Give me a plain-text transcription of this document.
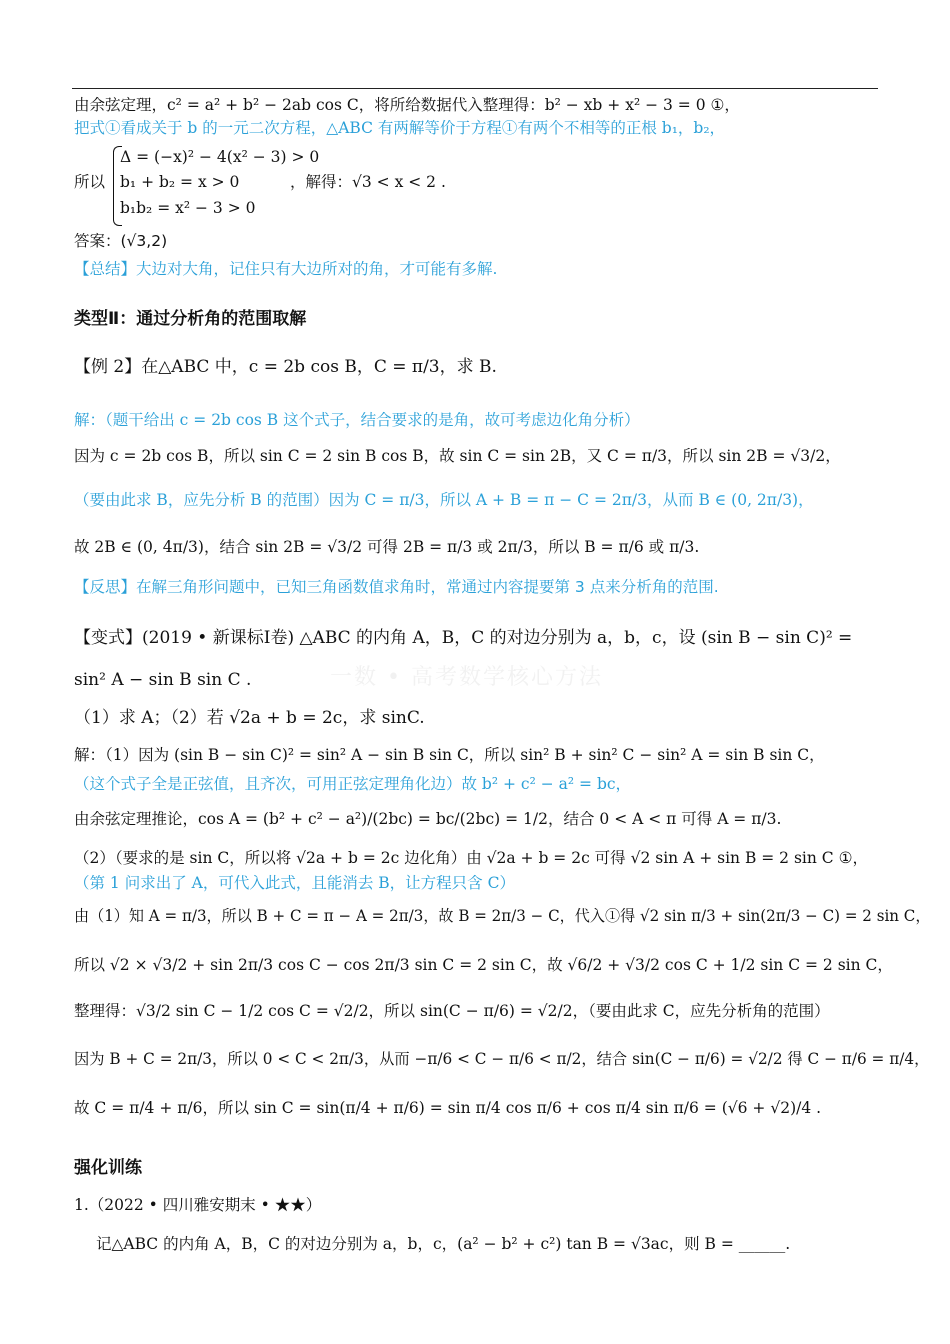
一数 • 高考数学核心方法
由余弦定理，c² = a² + b² − 2ab cos C，将所给数据代入整理得：b² − xb + x² − 3 = 0 ①，
把式①看成关于 b 的一元二次方程，△ABC 有两解等价于方程①有两个不相等的正根 b₁，b₂，
所以
Δ = (−x)² − 4(x² − 3) > 0
b₁ + b₂ = x > 0	，解得：√3 < x < 2 .
b₁b₂ = x² − 3 > 0
答案：(√3,2)
【总结】大边对大角，记住只有大边所对的角，才可能有多解.
类型Ⅱ：通过分析角的范围取解
【例 2】在△ABC 中，c = 2b cos B，C = π/3，求 B.
解：（题干给出 c = 2b cos B 这个式子，结合要求的是角，故可考虑边化角分析）
因为 c = 2b cos B，所以 sin C = 2 sin B cos B，故 sin C = sin 2B，又 C = π/3，所以 sin 2B = √3/2，
（要由此求 B，应先分析 B 的范围）因为 C = π/3，所以 A + B = π − C = 2π/3，从而 B ∈ (0, 2π/3)，
故 2B ∈ (0, 4π/3)，结合 sin 2B = √3/2 可得 2B = π/3 或 2π/3，所以 B = π/6 或 π/3.
【反思】在解三角形问题中，已知三角函数值求角时，常通过内容提要第 3 点来分析角的范围.
【变式】(2019 • 新课标Ⅰ卷) △ABC 的内角 A，B，C 的对边分别为 a，b，c，设 (sin B − sin C)² =
sin² A − sin B sin C .
（1）求 A；（2）若 √2a + b = 2c，求 sinC.
解：（1）因为 (sin B − sin C)² = sin² A − sin B sin C，所以 sin² B + sin² C − sin² A = sin B sin C，
（这个式子全是正弦值，且齐次，可用正弦定理角化边）故 b² + c² − a² = bc，
由余弦定理推论，cos A = (b² + c² − a²)/(2bc) = bc/(2bc) = 1/2，结合 0 < A < π 可得 A = π/3.
（2）（要求的是 sin C，所以将 √2a + b = 2c 边化角）由 √2a + b = 2c 可得 √2 sin A + sin B = 2 sin C ①，
（第 1 问求出了 A，可代入此式，且能消去 B，让方程只含 C）
由（1）知 A = π/3，所以 B + C = π − A = 2π/3，故 B = 2π/3 − C，代入①得 √2 sin π/3 + sin(2π/3 − C) = 2 sin C，
所以 √2 × √3/2 + sin 2π/3 cos C − cos 2π/3 sin C = 2 sin C，故 √6/2 + √3/2 cos C + 1/2 sin C = 2 sin C，
整理得：√3/2 sin C − 1/2 cos C = √2/2，所以 sin(C − π/6) = √2/2，（要由此求 C，应先分析角的范围）
因为 B + C = 2π/3，所以 0 < C < 2π/3，从而 −π/6 < C − π/6 < π/2，结合 sin(C − π/6) = √2/2 得 C − π/6 = π/4，
故 C = π/4 + π/6，所以 sin C = sin(π/4 + π/6) = sin π/4 cos π/6 + cos π/4 sin π/6 = (√6 + √2)/4 .
强化训练
1.（2022 • 四川雅安期末 • ★★）
记△ABC 的内角 A，B，C 的对边分别为 a，b，c，(a² − b² + c²) tan B = √3ac，则 B = ______.
